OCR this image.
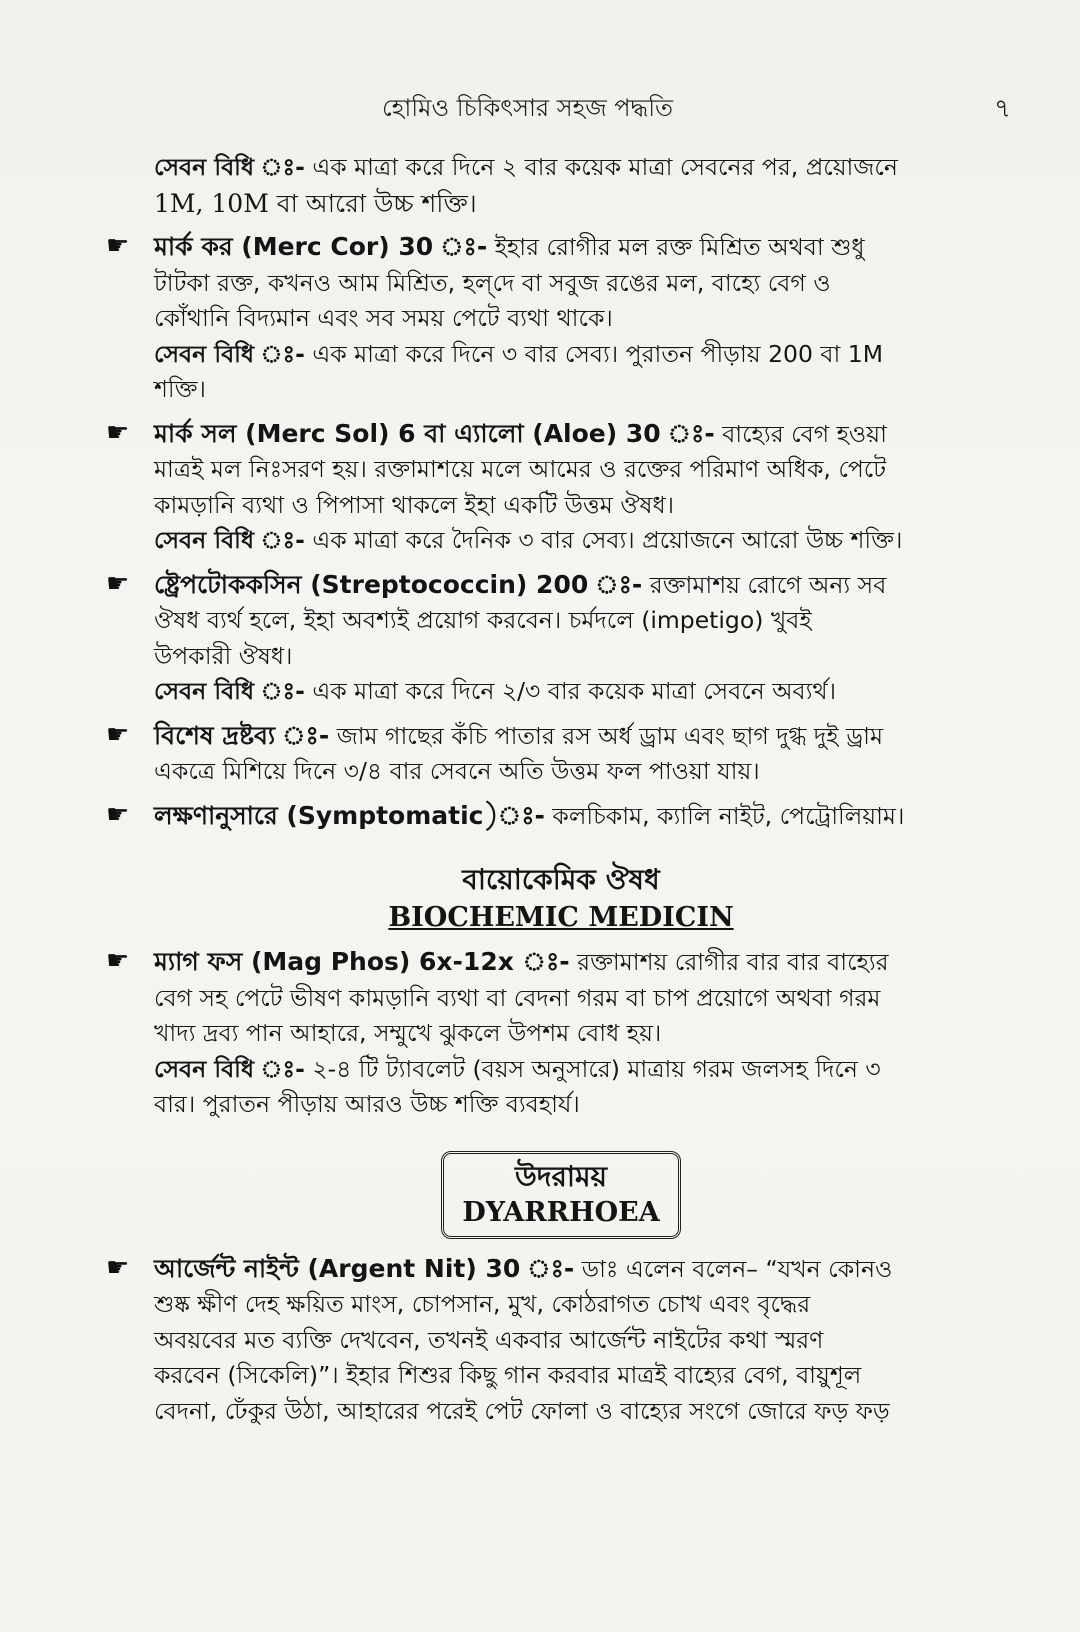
হোমিও চিকিৎসার সহজ পদ্ধতি	৭

সেবন বিধি ঃ- এক মাত্রা করে দিনে ২ বার কয়েক মাত্রা সেবনের পর, প্রয়োজনে

1M, 10M বা আরো উচ্চ শক্তি।

☛ মার্ক কর (Merc Cor) 30 ঃ- ইহার রোগীর মল রক্ত মিশ্রিত অথবা শুধু

টাটকা রক্ত, কখনও আম মিশ্রিত, হল্‌দে বা সবুজ রঙের মল, বাহ্যে বেগ ও

কোঁথানি বিদ্যমান এবং সব সময় পেটে ব্যথা থাকে।

সেবন বিধি ঃ- এক মাত্রা করে দিনে ৩ বার সেব্য। পুরাতন পীড়ায় 200 বা 1M

শক্তি।

☛ মার্ক সল (Merc Sol) 6 বা এ্যালো (Aloe) 30 ঃ- বাহ্যের বেগ হওয়া

মাত্রই মল নিঃসরণ হয়। রক্তামাশয়ে মলে আমের ও রক্তের পরিমাণ অধিক, পেটে

কামড়ানি ব্যথা ও পিপাসা থাকলে ইহা একটি উত্তম ঔষধ।

সেবন বিধি ঃ- এক মাত্রা করে দৈনিক ৩ বার সেব্য। প্রয়োজনে আরো উচ্চ শক্তি।

☛ ষ্ট্রেপটোককসিন (Streptococcin) 200 ঃ- রক্তামাশয় রোগে অন্য সব

ঔষধ ব্যর্থ হলে, ইহা অবশ্যই প্রয়োগ করবেন। চর্মদলে (impetigo) খুবই

উপকারী ঔষধ।

সেবন বিধি ঃ- এক মাত্রা করে দিনে ২/৩ বার কয়েক মাত্রা সেবনে অব্যর্থ।

☛ বিশেষ দ্রষ্টব্য ঃ- জাম গাছের কঁচি পাতার রস অর্ধ ড্রাম এবং ছাগ দুগ্ধ দুই ড্রাম

একত্রে মিশিয়ে দিনে ৩/৪ বার সেবনে অতি উত্তম ফল পাওয়া যায়।

☛ লক্ষণানুসারে (Symptomatic)ঃ- কলচিকাম, ক্যালি নাইট, পেট্রোলিয়াম।

বায়োকেমিক ঔষধ

BIOCHEMIC MEDICIN

☛ ম্যাগ ফস (Mag Phos) 6x-12x ঃ- রক্তামাশয় রোগীর বার বার বাহ্যের

বেগ সহ পেটে ভীষণ কামড়ানি ব্যথা বা বেদনা গরম বা চাপ প্রয়োগে অথবা গরম

খাদ্য দ্রব্য পান আহারে, সম্মুখে ঝুকলে উপশম বোধ হয়।

সেবন বিধি ঃ- ২-৪ টি ট্যাবলেট (বয়স অনুসারে) মাত্রায় গরম জলসহ দিনে ৩

বার। পুরাতন পীড়ায় আরও উচ্চ শক্তি ব্যবহার্য।

উদরাময়
DYARRHOEA
☛ আর্জেন্ট নাইন্ট (Argent Nit) 30 ঃ- ডাঃ এলেন বলেন– “যখন কোনও

শুষ্ক ক্ষীণ দেহ ক্ষয়িত মাংস, চোপসান, মুখ, কোঠরাগত চোখ এবং বৃদ্ধের

অবয়বের মত ব্যক্তি দেখবেন, তখনই একবার আর্জেন্ট নাইটের কথা স্মরণ

করবেন (সিকেলি)”। ইহার শিশুর কিছু গান করবার মাত্রই বাহ্যের বেগ, বায়ুশূল

বেদনা, ঢেঁকুর উঠা, আহারের পরেই পেট ফোলা ও বাহ্যের সংগে জোরে ফড় ফড়
